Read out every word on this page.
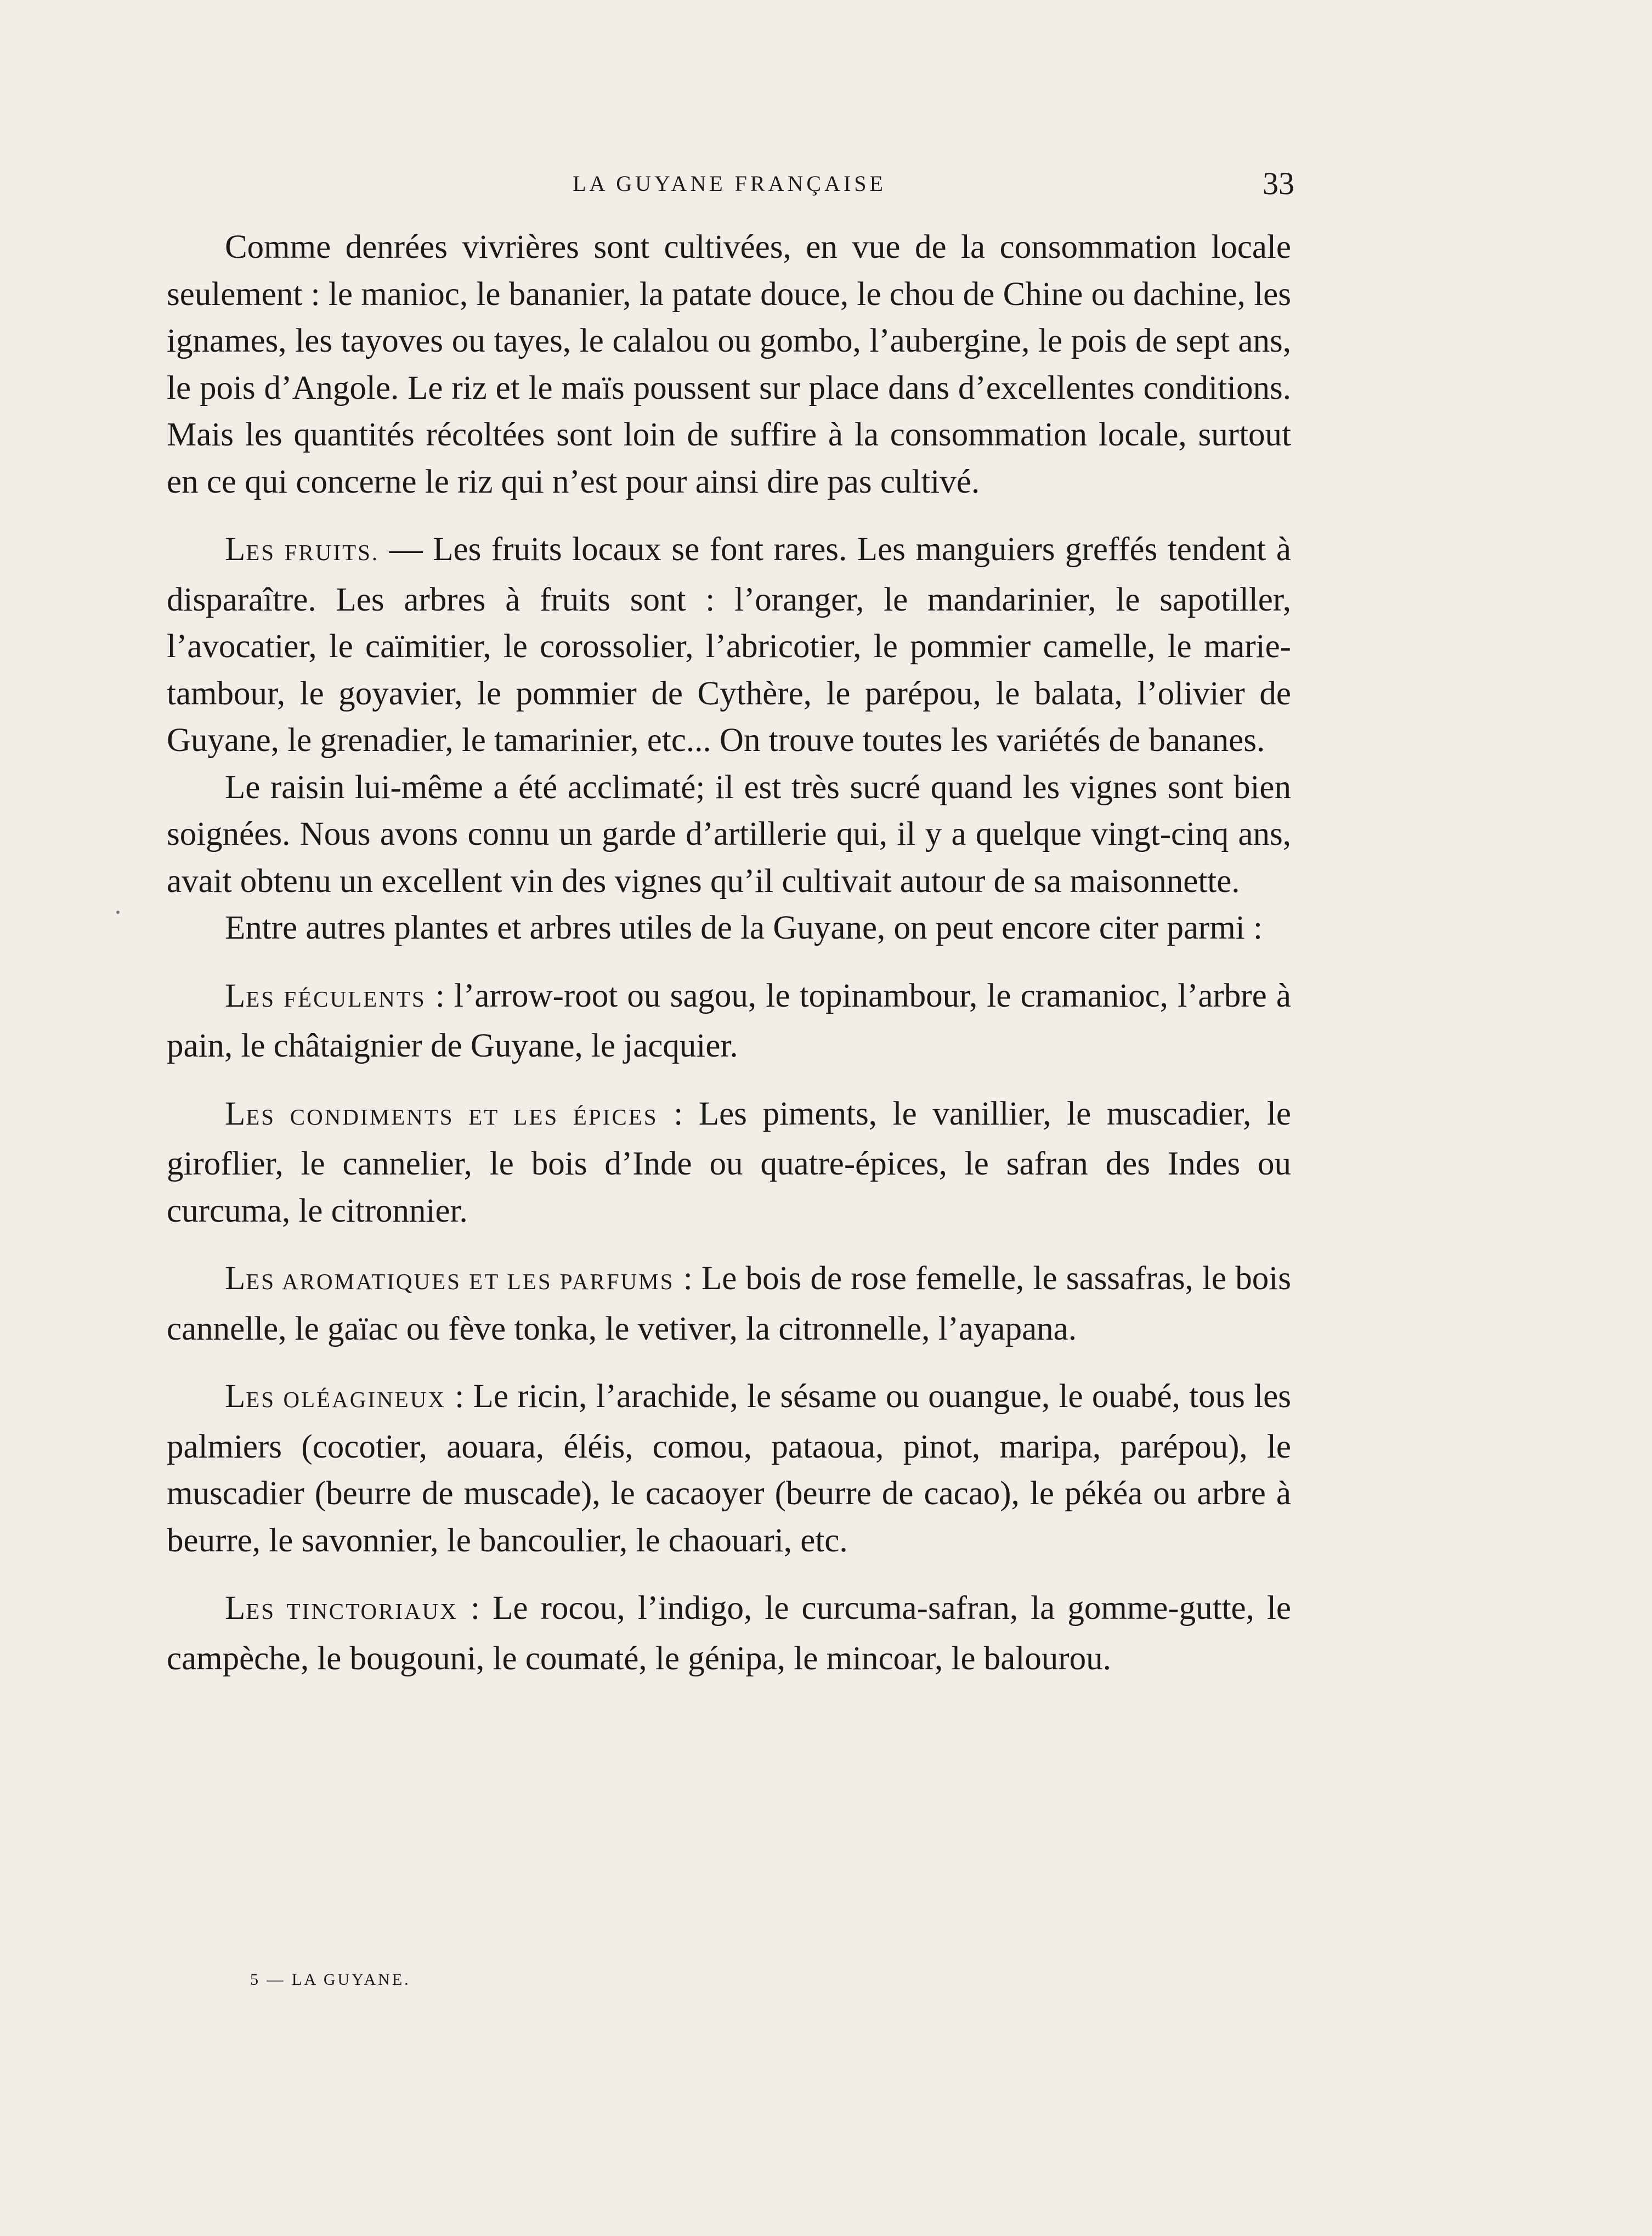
LA GUYANE FRANÇAISE	33

Comme denrées vivrières sont cultivées, en vue de la consommation locale seulement : le manioc, le bananier, la patate douce, le chou de Chine ou dachine, les ignames, les tayoves ou tayes, le calalou ou gombo, l’aubergine, le pois de sept ans, le pois d’Angole. Le riz et le maïs poussent sur place dans d’excellentes conditions. Mais les quantités récoltées sont loin de suffire à la consommation locale, surtout en ce qui concerne le riz qui n’est pour ainsi dire pas cultivé.

LES FRUITS. — Les fruits locaux se font rares. Les manguiers greffés tendent à disparaître. Les arbres à fruits sont : l’oranger, le mandarinier, le sapotiller, l’avocatier, le caïmitier, le corossolier, l’abricotier, le pommier camelle, le marie-tambour, le goyavier, le pommier de Cythère, le parépou, le balata, l’olivier de Guyane, le grenadier, le tamarinier, etc... On trouve toutes les variétés de bananes.

Le raisin lui-même a été acclimaté; il est très sucré quand les vignes sont bien soignées. Nous avons connu un garde d’artillerie qui, il y a quelque vingt-cinq ans, avait obtenu un excellent vin des vignes qu’il cultivait autour de sa maisonnette.

Entre autres plantes et arbres utiles de la Guyane, on peut encore citer parmi :

LES FÉCULENTS : l’arrow-root ou sagou, le topinambour, le cramanioc, l’arbre à pain, le châtaignier de Guyane, le jacquier.

LES CONDIMENTS ET LES ÉPICES : Les piments, le vanillier, le muscadier, le giroflier, le cannelier, le bois d’Inde ou quatre-épices, le safran des Indes ou curcuma, le citronnier.

LES AROMATIQUES ET LES PARFUMS : Le bois de rose femelle, le sassafras, le bois cannelle, le gaïac ou fève tonka, le vetiver, la citronnelle, l’ayapana.

LES OLÉAGINEUX : Le ricin, l’arachide, le sésame ou ouangue, le ouabé, tous les palmiers (cocotier, aouara, éléis, comou, pataoua, pinot, maripa, parépou), le muscadier (beurre de muscade), le cacaoyer (beurre de cacao), le pékéa ou arbre à beurre, le savonnier, le bancoulier, le chaouari, etc.

LES TINCTORIAUX : Le rocou, l’indigo, le curcuma-safran, la gomme-gutte, le campèche, le bougouni, le coumaté, le génipa, le mincoar, le balourou.

5 — LA GUYANE.
